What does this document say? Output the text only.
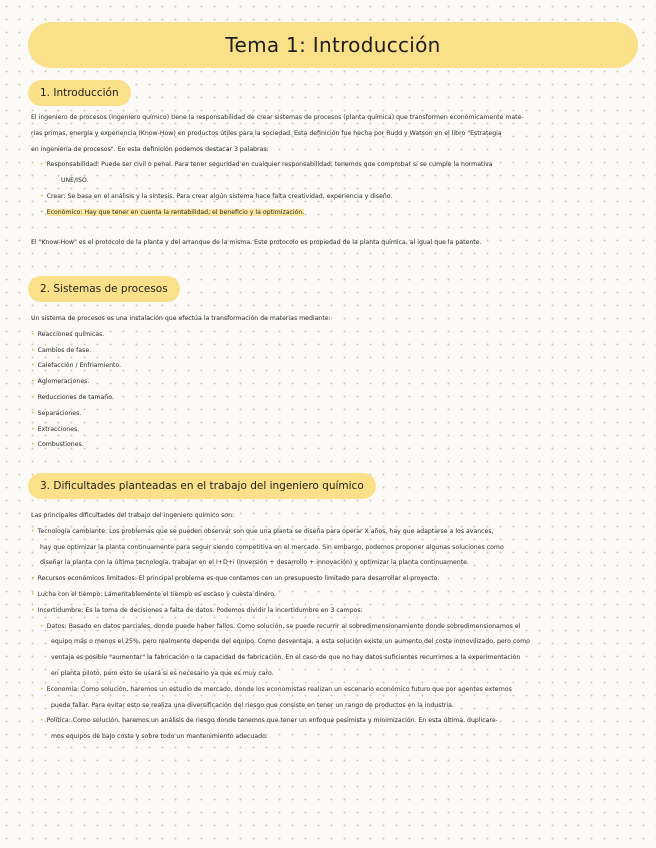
Tema 1: Introducción
1. Introducción

El ingeniero de procesos (ingeniero químico) tiene la responsabilidad de crear sistemas de procesos (planta química) que transformen económicamente mate-

rias primas, energía y experiencia (Know-How) en productos útiles para la sociedad. Esta definición fue hecha por Rudd y Watson en el libro "Estrategia

en ingeniería de procesos". En esta definición podemos destacar 3 palabras:

• Responsabilidad: Puede ser civil o penal. Para tener seguridad en cualquier responsabilidad, tenemos que comprobar si se cumple la normativa

UNE/ISO.

• Crear: Se basa en el análisis y la síntesis. Para crear algún sistema hace falta creatividad, experiencia y diseño.

• Económico: Hay que tener en cuenta la rentabilidad, el beneficio y la optimización.

El "Know-How" es el protocolo de la planta y del arranque de la misma. Este protocolo es propiedad de la planta química, al igual que la patente.

2. Sistemas de procesos

Un sistema de procesos es una instalación que efectúa la transformación de materias mediante:

• Reacciones químicas.
• Cambios de fase.
• Calefacción / Enfriamiento.
• Aglomeraciones.
• Reducciones de tamaño.
• Separaciones.
• Extracciones.
• Combustiones.
3. Dificultades planteadas en el trabajo del ingeniero químico

Las principales dificultades del trabajo del ingeniero químico son:

• Tecnología cambiante: Los problemas que se pueden observar son que una planta se diseña para operar X años, hay que adaptarse a los avances,

hay que optimizar la planta continuamente para seguir siendo competitiva en el mercado. Sin embargo, podemos proponer algunas soluciones como

diseñar la planta con la última tecnología, trabajar en el I+D+i (Inversión + desarrollo + innovación) y optimizar la planta continuamente.

• Recursos económicos limitados: El principal problema es que contamos con un presupuesto limitado para desarrollar el proyecto.

• Lucha con el tiempo: Lamentablemente el tiempo es escaso y cuesta dinero.

• Incertidumbre: Es la toma de decisiones a falta de datos. Podemos dividir la incertidumbre en 3 campos:

• Datos: Basado en datos parciales, donde puede haber fallos. Como solución, se puede recurrir al sobredimensionamiento donde sobredimensionamos el

equipo más o menos el 25%, pero realmente depende del equipo. Como desventaja, a esta solución existe un aumento del coste inmovilizado, pero como

ventaja es posible "aumentar" la fabricación o la capacidad de fabricación. En el caso de que no hay datos suficientes recurrimos a la experimentación

en planta piloto, pero esto se usará si es necesario ya que es muy caro.

• Economía: Como solución, haremos un estudio de mercado, donde los economistas realizan un escenario económico futuro que por agentes externos

puede fallar. Para evitar esto se realiza una diversificación del riesgo que consiste en tener un rango de productos en la industria.

• Política: Como solución, haremos un análisis de riesgo donde tenemos que tener un enfoque pesimista y minimización. En esta última, duplicare-

mos equipos de bajo coste y sobre todo un mantenimiento adecuado.
